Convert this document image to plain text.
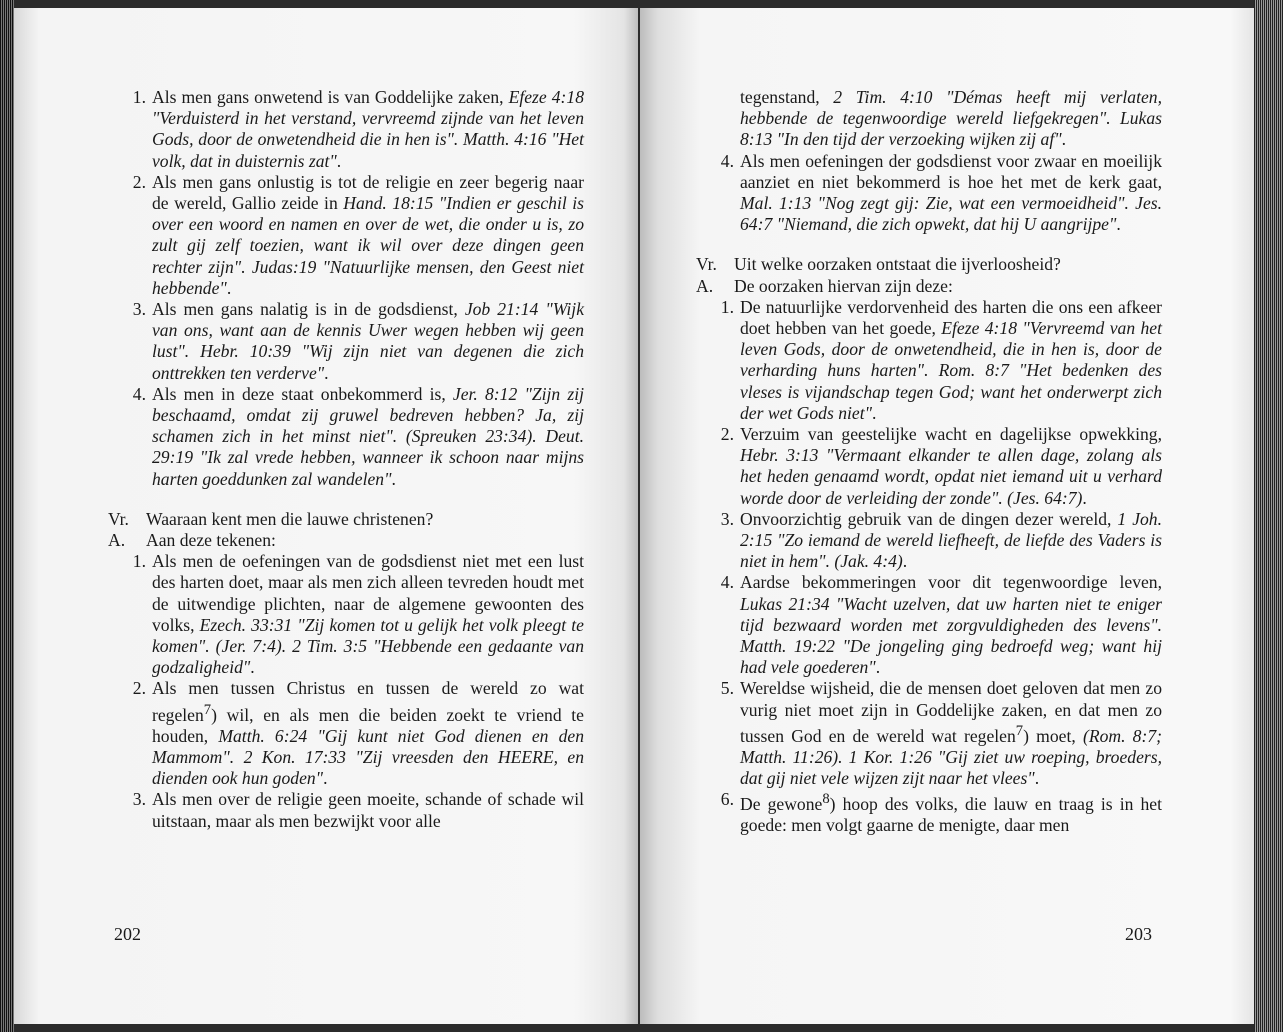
1. Als men gans onwetend is van Goddelijke zaken, Efeze 4:18 "Verduisterd in het verstand, vervreemd zijnde van het leven Gods, door de onwetendheid die in hen is". Matth. 4:16 "Het volk, dat in duisternis zat".
2. Als men gans onlustig is tot de religie en zeer begerig naar de wereld, Gallio zeide in Hand. 18:15 "Indien er geschil is over een woord en namen en over de wet, die onder u is, zo zult gij zelf toezien, want ik wil over deze dingen geen rechter zijn". Judas:19 "Natuurlijke mensen, den Geest niet hebbende".
3. Als men gans nalatig is in de godsdienst, Job 21:14 "Wijk van ons, want aan de kennis Uwer wegen hebben wij geen lust". Hebr. 10:39 "Wij zijn niet van degenen die zich onttrekken ten verderve".
4. Als men in deze staat onbekommerd is, Jer. 8:12 "Zijn zij beschaamd, omdat zij gruwel bedreven hebben? Ja, zij schamen zich in het minst niet". (Spreuken 23:34). Deut. 29:19 "Ik zal vrede hebben, wanneer ik schoon naar mijns harten goeddunken zal wandelen".
Vr. Waaraan kent men die lauwe christenen?
A.	Aan deze tekenen:
1. Als men de oefeningen van de godsdienst niet met een lust des harten doet, maar als men zich alleen tevreden houdt met de uitwendige plichten, naar de algemene gewoonten des volks, Ezech. 33:31 "Zij komen tot u gelijk het volk pleegt te komen". (Jer. 7:4). 2 Tim. 3:5 "Hebbende een gedaante van godzaligheid".
2. Als men tussen Christus en tussen de wereld zo wat regelen$^7$) wil, en als men die beiden zoekt te vriend te houden, Matth. 6:24 "Gij kunt niet God dienen en den Mammom". 2 Kon. 17:33 "Zij vreesden den HEERE, en dienden ook hun goden".
3. Als men over de religie geen moeite, schande of schade wil uitstaan, maar als men bezwijkt voor alle
202
tegenstand, 2 Tim. 4:10 "Démas heeft mij verlaten, hebbende de tegenwoordige wereld liefgekregen". Lukas 8:13 "In den tijd der verzoeking wijken zij af".
4. Als men oefeningen der godsdienst voor zwaar en moeilijk aanziet en niet bekommerd is hoe het met de kerk gaat, Mal. 1:13 "Nog zegt gij: Zie, wat een vermoeidheid". Jes. 64:7 "Niemand, die zich opwekt, dat hij U aangrijpe".
Vr. Uit welke oorzaken ontstaat die ijverloosheid?
A.	De oorzaken hiervan zijn deze:
1. De natuurlijke verdorvenheid des harten die ons een afkeer doet hebben van het goede, Efeze 4:18 "Vervreemd van het leven Gods, door de onwetendheid, die in hen is, door de verharding huns harten". Rom. 8:7 "Het bedenken des vleses is vijandschap tegen God; want het onderwerpt zich der wet Gods niet".
2. Verzuim van geestelijke wacht en dagelijkse opwekking, Hebr. 3:13 "Vermaant elkander te allen dage, zolang als het heden genaamd wordt, opdat niet iemand uit u verhard worde door de verleiding der zonde". (Jes. 64:7).
3. Onvoorzichtig gebruik van de dingen dezer wereld, 1 Joh. 2:15 "Zo iemand de wereld liefheeft, de liefde des Vaders is niet in hem". (Jak. 4:4).
4. Aardse bekommeringen voor dit tegenwoordige leven, Lukas 21:34 "Wacht uzelven, dat uw harten niet te eniger tijd bezwaard worden met zorgvuldigheden des levens". Matth. 19:22 "De jongeling ging bedroefd weg; want hij had vele goederen".
5. Wereldse wijsheid, die de mensen doet geloven dat men zo vurig niet moet zijn in Goddelijke zaken, en dat men zo tussen God en de wereld wat regelen$^7$) moet, (Rom. 8:7; Matth. 11:26). 1 Kor. 1:26 "Gij ziet uw roeping, broeders, dat gij niet vele wijzen zijt naar het vlees".
6. De gewone$^8$) hoop des volks, die lauw en traag is in het goede: men volgt gaarne de menigte, daar men
203
